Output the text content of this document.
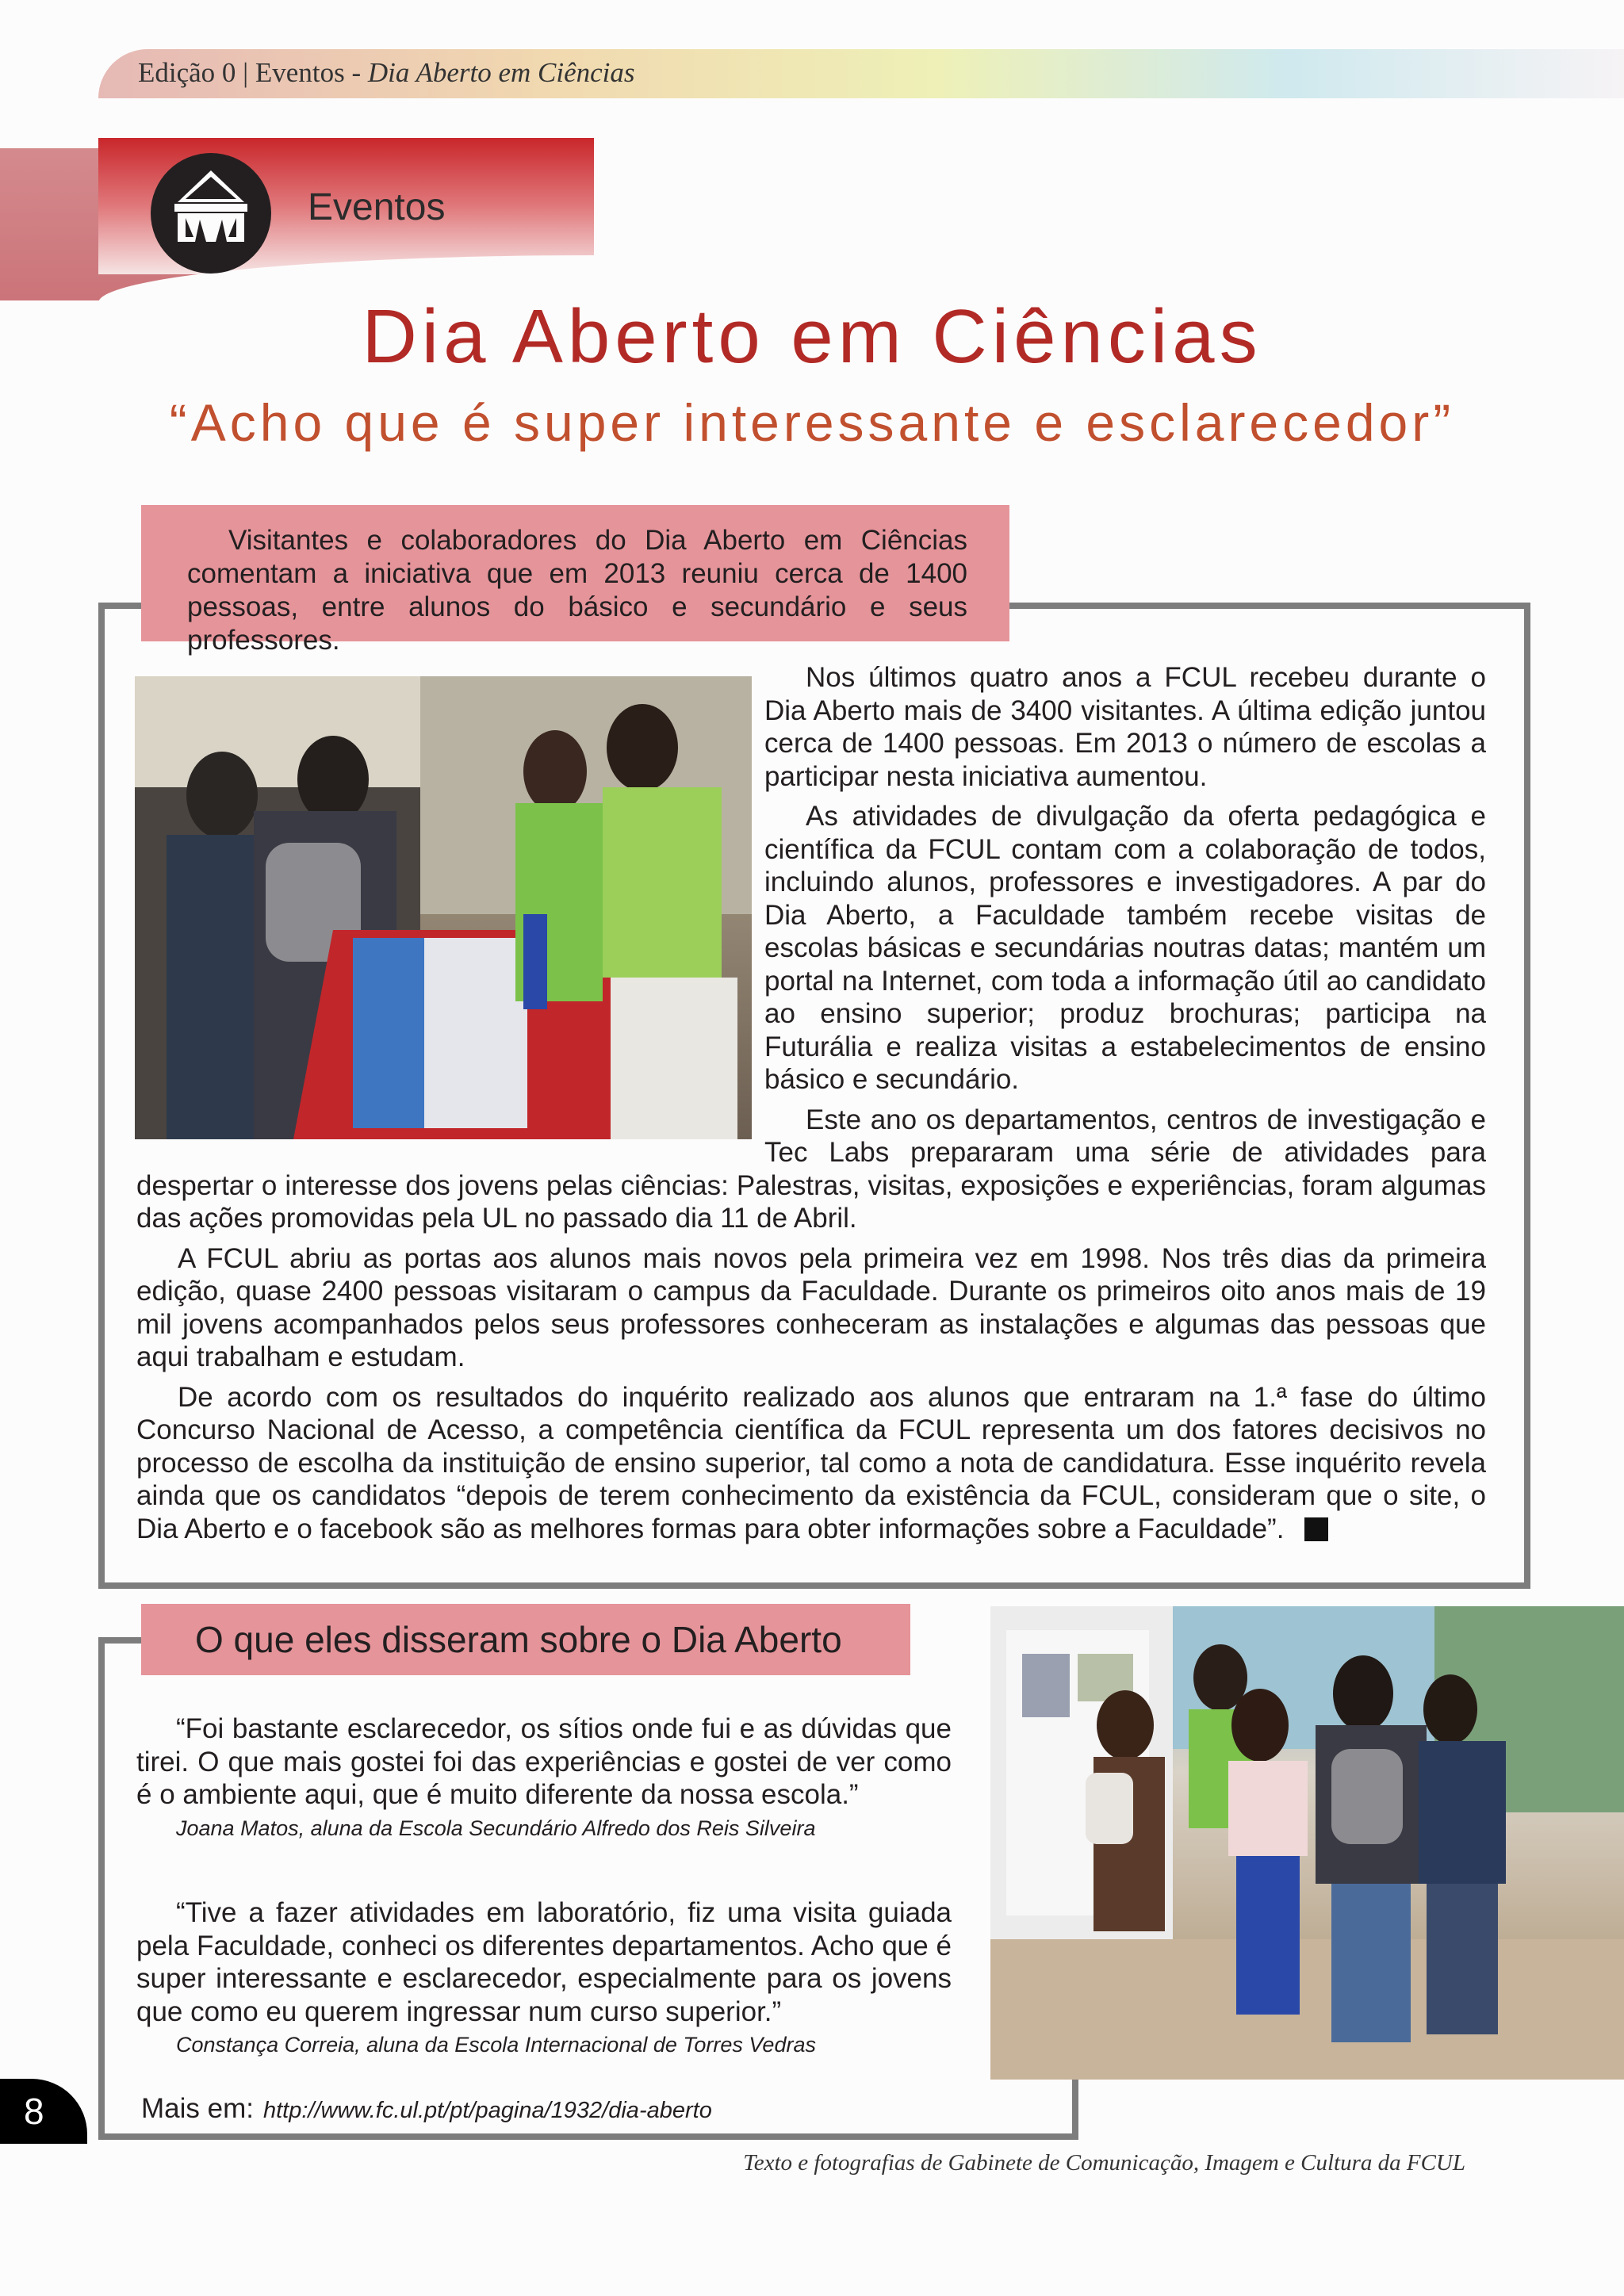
Edição 0 | Eventos - Dia Aberto em Ciências
Eventos
Dia Aberto em Ciências
“Acho que é super interessante e esclarecedor”

Visitantes e colaboradores do Dia Aberto em Ciências comentam a iniciativa que em 2013 reuniu cerca de 1400 pessoas, entre alunos do básico e secundário e seus professores.

Nos últimos quatro anos a FCUL recebeu durante o Dia Aberto mais de 3400 visitantes. A última edição juntou cerca de 1400 pessoas. Em 2013 o número de escolas a participar nesta iniciativa aumentou.

As atividades de divulgação da oferta pedagógica e científica da FCUL contam com a colaboração de todos, incluindo alunos, professores e investigadores. A par do Dia Aberto, a Faculdade também recebe visitas de escolas básicas e secundárias noutras datas; mantém um portal na Internet, com toda a informação útil ao candidato ao ensino superior; produz brochuras; participa na Futurália e realiza visitas a estabelecimentos de ensino básico e secundário.

Este ano os departamentos, centros de investigação e Tec Labs prepararam uma série de atividades para despertar o interesse dos jovens pelas ciências: Palestras, visitas, exposições e experiências, foram algumas das ações promovidas pela UL no passado dia 11 de Abril.

A FCUL abriu as portas aos alunos mais novos pela primeira vez em 1998. Nos três dias da primeira edição, quase 2400 pessoas visitaram o campus da Faculdade. Durante os primeiros oito anos mais de 19 mil jovens acompanhados pelos seus professores conheceram as instalações e algumas das pessoas que aqui trabalham e estudam.

De acordo com os resultados do inquérito realizado aos alunos que entraram na 1.ª fase do último Concurso Nacional de Acesso, a competência científica da FCUL representa um dos fatores decisivos no processo de escolha da instituição de ensino superior, tal como a nota de candidatura. Esse inquérito revela ainda que os candidatos “depois de terem conhecimento da existência da FCUL, consideram que o site, o Dia Aberto e o facebook são as melhores formas para obter informações sobre a Faculdade”.

O que eles disseram sobre o Dia Aberto

“Foi bastante esclarecedor, os sítios onde fui e as dúvidas que tirei. O que mais gostei foi das experiências e gostei de ver como é o ambiente aqui, que é muito diferente da nossa escola.”

Joana Matos, aluna da Escola Secundário Alfredo dos Reis Silveira

“Tive a fazer atividades em laboratório, fiz uma visita guiada pela Faculdade, conheci os diferentes departamentos. Acho que é super interessante e esclarecedor, especialmente para os jovens que como eu querem ingressar num curso superior.”

Constança Correia, aluna da Escola Internacional de Torres Vedras

Mais em: http://www.fc.ul.pt/pt/pagina/1932/dia-aberto
8
Texto e fotografias de Gabinete de Comunicação, Imagem e Cultura da FCUL
